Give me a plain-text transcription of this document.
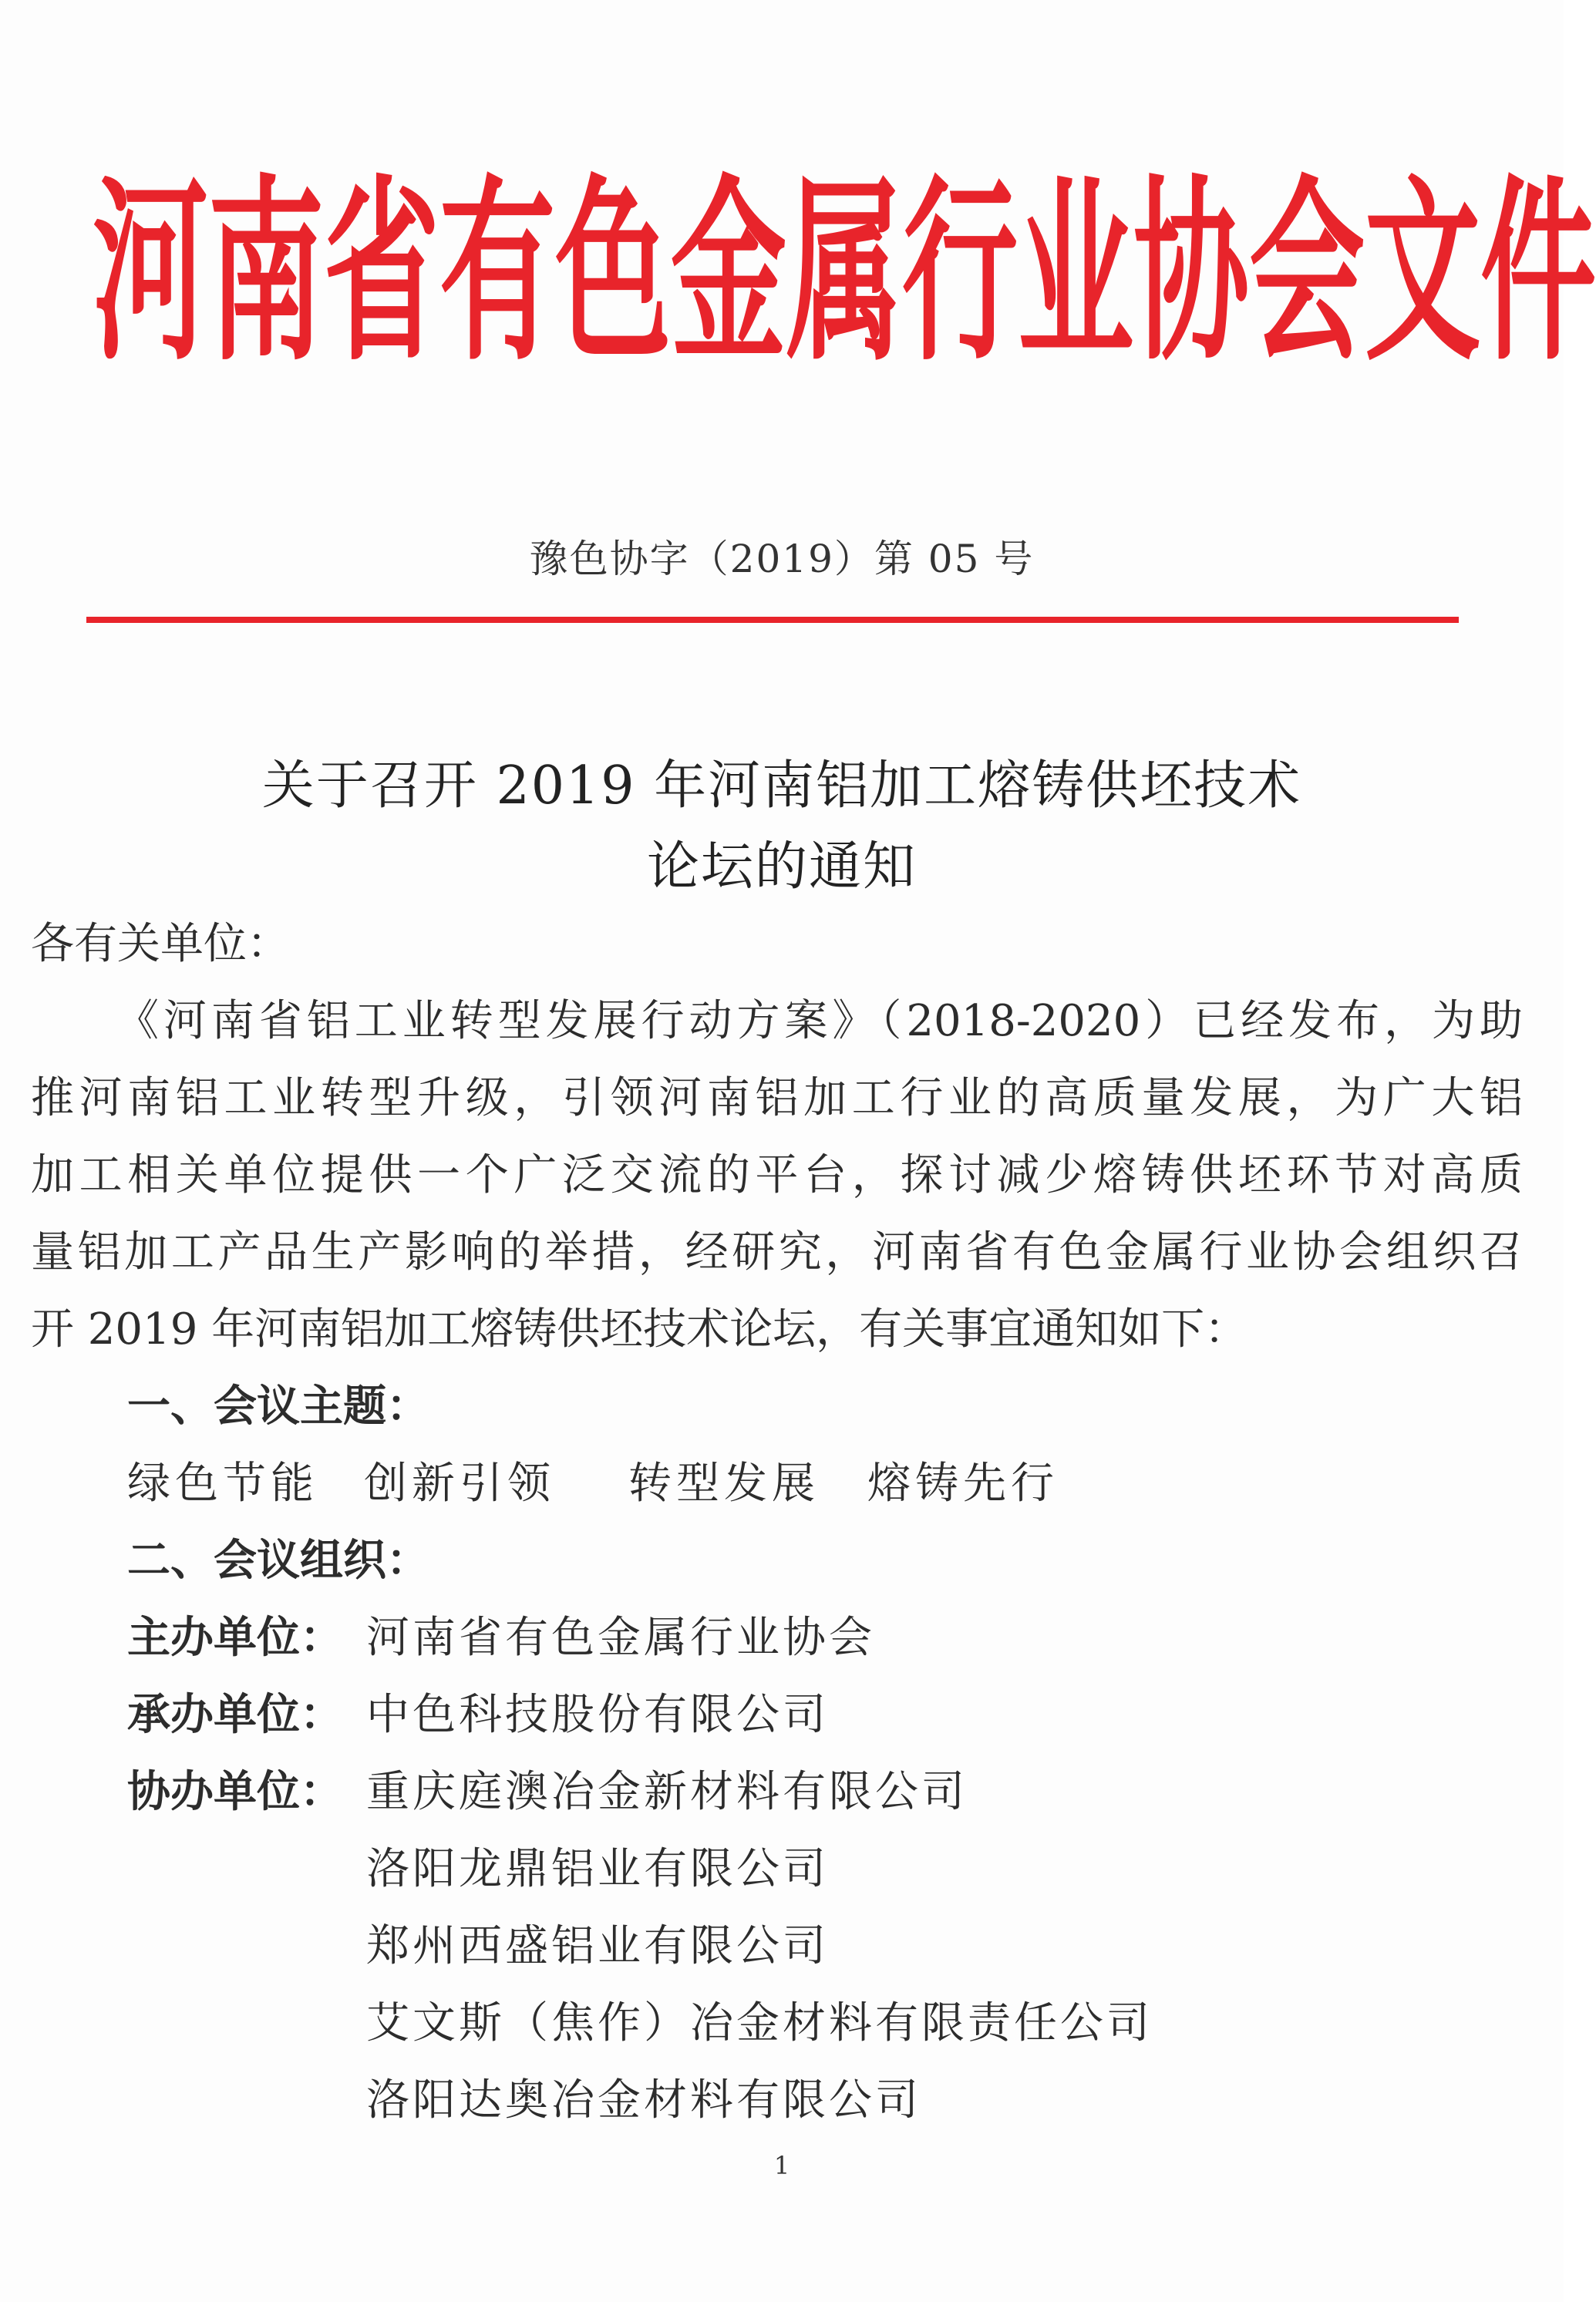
河 南 省 有 色 金 属 行 业 协 会 文 件
豫色协字（2019）第 05 号
关于召开 2019 年河南铝加工熔铸供坯技术
论坛的通知
各有关单位：
《河南省铝工业转型发展行动方案》（2018-2020）已经发布，为助
推河南铝工业转型升级，引领河南铝加工行业的高质量发展，为广大铝
加工相关单位提供一个广泛交流的平台，探讨减少熔铸供坯环节对高质
量铝加工产品生产影响的举措，经研究，河南省有色金属行业协会组织召
开 2019 年河南铝加工熔铸供坯技术论坛，有关事宜通知如下：
一、会议主题：
绿色节能 创新引领 转型发展 熔铸先行
二、会议组织：
主办单位： 河南省有色金属行业协会
承办单位： 中色科技股份有限公司
协办单位： 重庆庭澳冶金新材料有限公司
洛阳龙鼎铝业有限公司
郑州西盛铝业有限公司
艾文斯（焦作）冶金材料有限责任公司
洛阳达奥冶金材料有限公司
1
